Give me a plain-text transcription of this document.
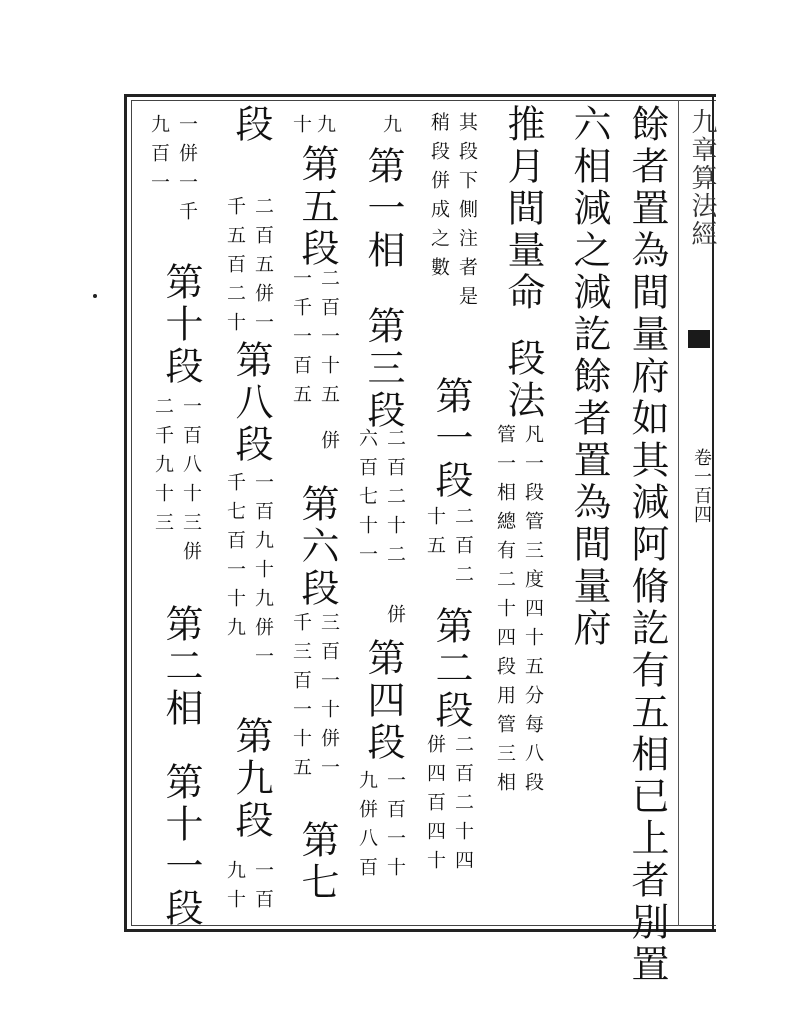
九章算法經
卷一百四
餘者置為間量府如其減阿脩訖有五相已上者別置
六相減之減訖餘者置為間量府
推月間量命
段法
凡一段管三度四十五分每八段
管一相總有二十四段用管三相
其段下側注者是
稍段併成之數
第一段
二百二
十五
第二段
二百二十四
併四百四十
九
第一相
第三段
二百二十二
六百七十一
併
第四段
一百一十
九併八百
九
十
第五段
二百一十五
一千一百五
併
第六段
三百一十併一
千三百一十五
第七
段
二百五併一
千五百二十
第八段
一百九十九併一
千七百一十九
第九段
一百
九十
一併一千
九百一
第十段
一百八十三併
二千九十三
第二相
第十一段
